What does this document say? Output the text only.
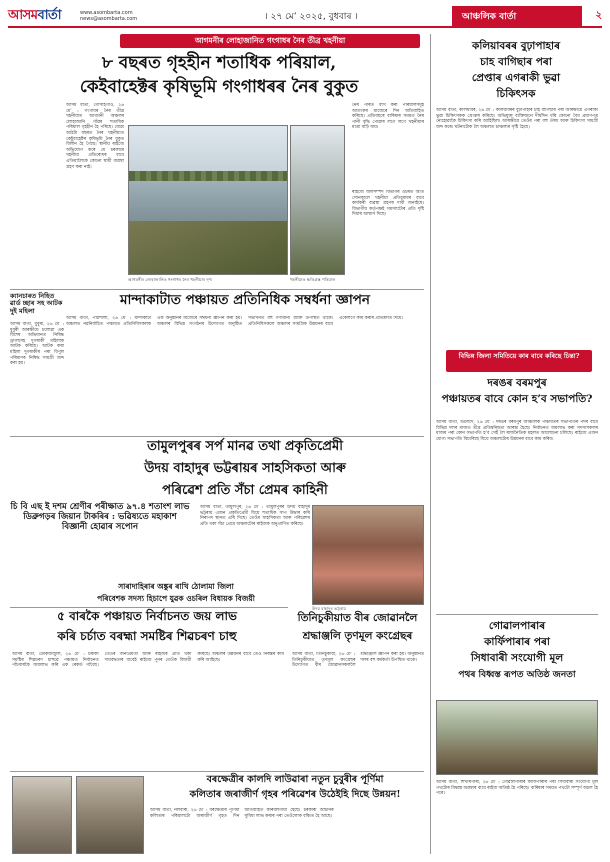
আসমবাৰ্তা	www.asombarta.com news@asombarta.com	। ২৭ মে’ ২০২৫, বুধবাৰ ।	আঞ্চলিক বাৰ্তা	২
আগমনীৰ লোহাজানিত গংগাধৰ নৈৰ তীব্ৰ খহনীয়া
৮ বছৰত গৃহহীন শতাধিক পৰিয়াল,
কেইবাহেক্টৰ কৃষিভূমি গংগাধৰৰ নৈৰ বুকুত
আসম বাৰ্তা, গোসাইগাঁও, ২৬ মে’ : গংগাধৰ নৈৰ তীব্ৰ খহনীয়াত আগমনী অঞ্চলৰ লোহাজানি গাঁৱৰ শতাধিক পৰিয়াল গৃহহীন হৈ পৰিছে। যোৱা আঠটা বছৰত নৈৰ খহনীয়াত কেইবাহেক্টৰ কৃষিভূমি নৈৰ বুকুত বিলীন হৈ গৈছে। স্থানীয় ৰাইজে অভিযোগ কৰে যে চৰকাৰে খহনীয়া প্ৰতিৰোধৰ বাবে এতিয়ালৈকে কোনো স্থায়ী ব্যৱস্থা গ্ৰহণ কৰা নাই।
আগমনীৰ লোহাজানিত গংগাধৰ নৈৰ খহনীয়াৰ দৃশ্য	খহনীয়াত ক্ষতিগ্ৰস্ত পৰিয়াল
নৈৰ পাৰত বাস কৰা পৰিয়ালসমূহ আতংকৰ মাজেৰে দিন অতিবাহিত কৰিছে। প্ৰতিবছৰে বাৰিষাৰ সময়ত নৈৰ পানী বৃদ্ধি পোৱাৰ লগে লগে খহনীয়াৰ মাত্ৰা বাঢ়ি যায়।
ৰাইজে জলসম্পদ বিভাগৰ ওচৰত অতি সোনকালে খহনীয়া প্ৰতিৰোধৰ বাবে কাৰ্যকৰী ব্যৱস্থা গ্ৰহণৰ দাবী জনাইছে। বিভাগীয় কৰ্তৃপক্ষই সমস্যাটোৰ প্ৰতি দৃষ্টি দিয়াৰ আশ্বাস দিছে।
ক্যানচাৰত নিহিত ৱাৰ্ড চ্ছাৰ সহ আটক দুই মহিলা
আসম বাৰ্তা, ধুবুৰী, ২৬ মে’ : ধুবুৰী আৰক্ষীয়ে চলোৱা এক বিশেষ অভিযানত নিষিদ্ধ ড্ৰাগছসহ দুগৰাকী মহিলাক আটক কৰিছে। আটক কৰা মহিলা দুগৰাকীৰ পৰা বিপুল পৰিমাণৰ নিষিদ্ধ সামগ্ৰী জব্দ কৰা হয়।
মান্দাকাটাত পঞ্চায়ত প্ৰতিনিধিক সম্বৰ্ধনা জ্ঞাপন
আসম বাৰ্তা, পাঠশালা, ২৬ মে’ : মান্দাকাটা অঞ্চলত নৱনিৰ্বাচিত পঞ্চায়ত প্ৰতিনিধিসকলক এক অনুষ্ঠানৰ মাজেৰে সম্বৰ্ধনা জ্ঞাপন কৰা হয়। অঞ্চলৰ বিভিন্ন সংগঠনৰ উদ্যোগত অনুষ্ঠিত সভাখনত বহু গণ্যমান্য ব্যক্তি উপস্থিত থাকে। প্ৰতিনিধিসকলে অঞ্চলৰ সামগ্ৰিক উন্নয়নৰ বাবে একেলগে কাম কৰাৰ প্ৰতিশ্ৰুতি দিয়ে।
তামুলপুৰৰ সৰ্প মানৱ তথা প্ৰকৃতিপ্ৰেমী
উদয় বাহাদুৰ ভট্টৰায়ৰ সাহসিকতা আৰু
পৰিৱেশ প্ৰতি সঁচা প্ৰেমৰ কাহিনী
চি বি এছ ই দশম শ্ৰেণীৰ পৰীক্ষাত ৯৭.৪ শতাংশ লাভ ডিব্ৰুগড়ৰ জিয়ান টাকৰিৰ : ভৱিষ্যতে মহাকাশ বিজ্ঞানী হোৱাৰ সপোন
আসম বাৰ্তা, তামুলপুৰ, ২৬ মে’ : তামুলপুৰৰ উদয় বাহাদুৰ ভট্টৰায় এজন প্ৰকৃতিপ্ৰেমী যিয়ে শতাধিক সাপ উদ্ধাৰ কৰি নিৰাপদ স্থানত এৰি দিছে। তেওঁৰ সাহসিকতা আৰু পৰিৱেশৰ প্ৰতি থকা সঁচা প্ৰেমে অঞ্চলটোৰ ৰাইজক অনুপ্ৰাণিত কৰিছে।
উদয় বাহাদুৰ ভট্টৰায়
সাৰাদাহিৰাৰ অঙ্কুৰ ৰাখি ঠোলামা জিলা
পৰিবেশক সদস্য হিচাপে যুৱক ওচৰিল বিধায়ক বিজয়ী
৫ বাৰকৈ পঞ্চায়ত নিৰ্বাচনত জয় লাভ
কৰি চৰ্চাত বৰহ্মা সমষ্টিৰ শিৱচৰণ চাহু
আসম বাৰ্তা, ডেকিয়াজুলি, ২৬ মে’ : চৰাকা সমষ্টিৰ শিৱচৰণ চাহুৱে পঞ্চায়ত নিৰ্বাচনত পাঁচবাৰকৈ জয়লাভ কৰি এক ৰেকৰ্ড গঢ়িছে। তেওঁৰ জনপ্ৰিয়তা আৰু ৰাইজৰ প্ৰতি থকা দায়বদ্ধতাৰ বাবেই ৰাইজে পুনৰ তেওঁক বিজয়ী কৰিছে। অঞ্চলৰ উন্নয়নৰ বাবে তেওঁ নিৰন্তৰ কাম কৰি আহিছে।
তিনিচুকীয়াত বীৰ জোৱানলৈ
শ্ৰদ্ধাঞ্জলি তৃণমূল কংগ্ৰেছৰ
আসম বাৰ্তা, তিনিচুকীয়া, ২৬ মে’ : তিনিচুকীয়াত তৃণমূল কংগ্ৰেছৰ উদ্যোগত বীৰ জোৱানসকললৈ শ্ৰদ্ধাঞ্জলি জ্ঞাপন কৰা হয়। অনুষ্ঠানত দলৰ বহু কৰ্মকৰ্তা উপস্থিত থাকে।
বৰক্ষেত্ৰীৰ কালদি লাউৱাৰা নতুন চুবুৰীৰ পূৰ্ণিমা
কলিতাৰ জৰাজীৰ্ণ গৃহৰ পৰিৱেশৰ উঠেইহি দিছে উন্নয়ন!
আসম বাৰ্তা, নলবাৰী, ২৬ মে’ : বৰক্ষেত্ৰীৰ পূৰ্ণিমা কলিতাৰ পৰিয়ালটো জৰাজীৰ্ণ গৃহত দিন অতিবাহিত কৰিবলগীয়া হৈছে। চৰকাৰী আঁচনিৰ সুবিধা লাভ কৰাৰ পৰা তেওঁলোক বঞ্চিত হৈ আছে।
কলিয়াবৰৰ বুঢ়াপাহাৰ
চাহ বাগিছাৰ পৰা
প্ৰেপ্তাৰ এগৰাকী ভুৱা
চিকিৎসক
আসম বাৰ্তা, কলিয়াবৰ, ২৬ মে’ : কলিয়াবৰৰ বুঢ়াপাহাৰ চাহ বাগিছাৰ পৰা আৰক্ষীয়ে এগৰাকী ভুৱা চিকিৎসকক গ্ৰেপ্তাৰ কৰিছে। অভিযুক্ত ব্যক্তিজনে দীৰ্ঘদিন ধৰি কোনো বৈধ প্ৰমাণপত্ৰ নোহোৱাকৈ চিকিৎসা কৰি আহিছিল। আৰক্ষীয়ে তেওঁৰ পৰা বহু ঔষধ আৰু চিকিৎসা সামগ্ৰী জব্দ কৰে। ঘটনাটোক লৈ অঞ্চলত চাঞ্চল্যৰ সৃষ্টি হৈছে।
বিভিন্ন জিলা সমিতিয়ে কাৰ বাবে কৰিছে চিন্তা?
দৰঙৰ বৰমপুৰ
পঞ্চায়তৰ বাবে কোন হ’ব সভাপতি?
আসম বাৰ্তা, মঙলদৈ, ২৬ মে’ : দৰঙৰ বৰমপুৰ আঞ্চলিক পঞ্চায়তৰ সভাপতিৰ পদৰ বাবে বিভিন্ন দলৰ মাজত তীব্ৰ প্ৰতিদ্বন্দ্বিতা আৰম্ভ হৈছে। নিৰ্বাচনত জয়লাভ কৰা সদস্যসকলৰ মাজৰ পৰা কোন সভাপতি হ’ব সেই লৈ ৰাজনৈতিক মহলত আলোচনা চলিছে। ৰাইজে এজন যোগ্য সভাপতি বিচাৰিছে যিয়ে অঞ্চলটোৰ উন্নয়নৰ বাবে কাম কৰিব।
গোৱালপাৰাৰ
কাৰ্ফিপাৰাৰ পৰা
সিধাবাৰী সংযোগী মূল
পথৰ বিধ্বস্ত ৰূপত অতিষ্ঠ জনতা
আসম বাৰ্তা, শিখৰিপাৰা, ২৬ মে’ : গোৱালপাৰাৰ কাৰ্ফিপাৰাৰ পৰা সিধাবাৰী সংযোগী মূল পথটোৰ বিধ্বস্ত অৱস্থাৰ বাবে ৰাইজ অতিষ্ঠ হৈ পৰিছে। বাৰিষাৰ সময়ত পথটো সম্পূৰ্ণ অচল হৈ পৰে।
